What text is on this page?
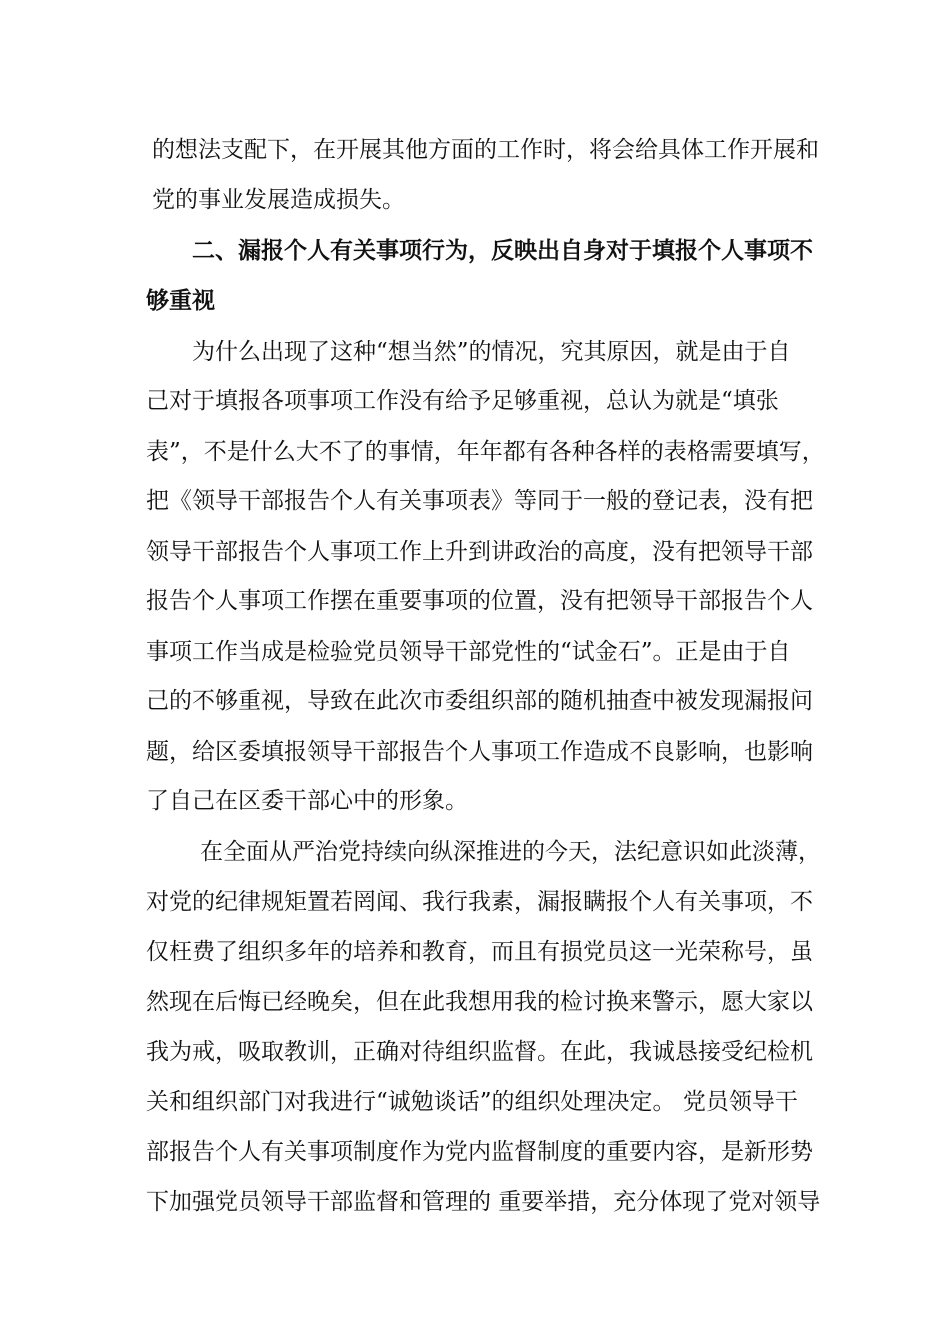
的想法支配下，在开展其他方面的工作时，将会给具体工作开展和

党的事业发展造成损失。

二、漏报个人有关事项行为，反映出自身对于填报个人事项不

够重视

为什么出现了这种“想当然”的情况，究其原因，就是由于自

己对于填报各项事项工作没有给予足够重视，总认为就是“填张

表”，不是什么大不了的事情，年年都有各种各样的表格需要填写，

把《领导干部报告个人有关事项表》等同于一般的登记表，没有把

领导干部报告个人事项工作上升到讲政治的高度，没有把领导干部

报告个人事项工作摆在重要事项的位置，没有把领导干部报告个人

事项工作当成是检验党员领导干部党性的“试金石”。正是由于自

己的不够重视，导致在此次市委组织部的随机抽查中被发现漏报问

题，给区委填报领导干部报告个人事项工作造成不良影响，也影响

了自己在区委干部心中的形象。

在全面从严治党持续向纵深推进的今天，法纪意识如此淡薄，

对党的纪律规矩置若罔闻、我行我素，漏报瞒报个人有关事项，不

仅枉费了组织多年的培养和教育，而且有损党员这一光荣称号，虽

然现在后悔已经晚矣，但在此我想用我的检讨换来警示，愿大家以

我为戒，吸取教训，正确对待组织监督。在此，我诚恳接受纪检机

关和组织部门对我进行“诚勉谈话”的组织处理决定。 党员领导干

部报告个人有关事项制度作为党内监督制度的重要内容，是新形势

下加强党员领导干部监督和管理的 重要举措，充分体现了党对领导
